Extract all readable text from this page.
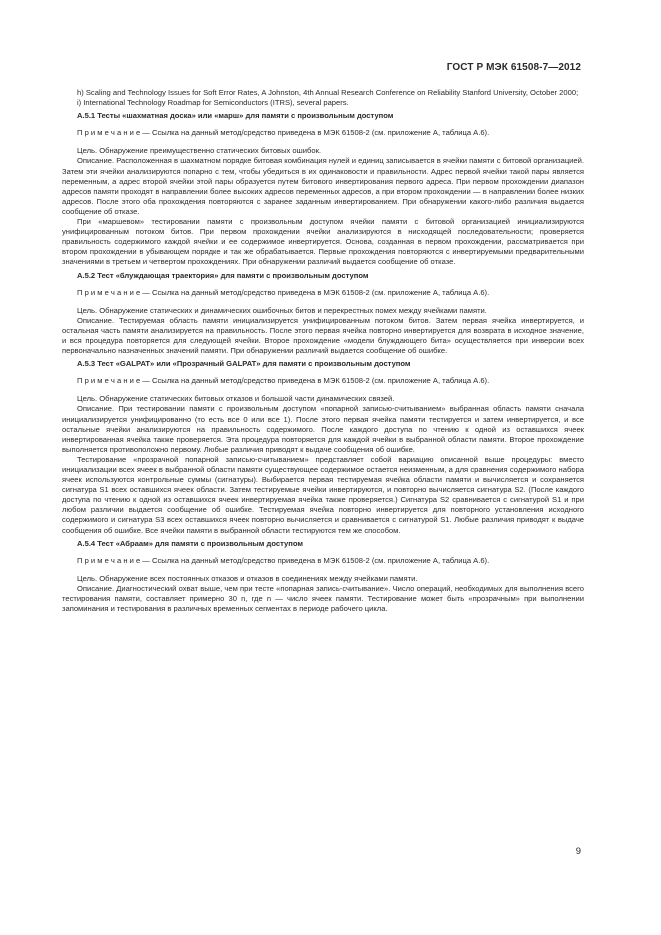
ГОСТ Р МЭК 61508-7—2012

h) Scaling and Technology Issues for Soft Error Rates, A Johnston, 4th Annual Research Conference on Reliability Stanford University, October 2000;

i) International Technology Roadmap for Semiconductors (ITRS), several papers.

А.5.1 Тесты «шахматная доска» или «марш» для памяти с произвольным доступом

П р и м е ч а н и е — Ссылка на данный метод/средство приведена в МЭК 61508-2 (см. приложение А, таблица А.6).

Цель. Обнаружение преимущественно статических битовых ошибок.

Описание. Расположенная в шахматном порядке битовая комбинация нулей и единиц записывается в ячейки памяти с битовой организацией. Затем эти ячейки анализируются попарно с тем, чтобы убедиться в их одинаковости и правильности. Адрес первой ячейки такой пары является переменным, а адрес второй ячейки этой пары образуется путем битового инвертирования первого адреса. При первом прохождении диапазон адресов памяти проходят в направлении более высоких адресов переменных адресов, а при втором прохождении — в направлении более низких адресов. После этого оба прохождения повторяются с заранее заданным инвертированием. При обнаружении какого-либо различия выдается сообщение об отказе.

При «маршевом» тестировании памяти с произвольным доступом ячейки памяти с битовой организацией инициализируются унифицированным потоком битов. При первом прохождении ячейки анализируются в нисходящей последовательности; проверяется правильность содержимого каждой ячейки и ее содержимое инвертируется. Основа, созданная в первом прохождении, рассматривается при втором прохождении в убывающем порядке и так же обрабатывается. Первые прохождения повторяются с инвертируемыми предварительными значениями в третьем и четвертом прохождениях. При обнаружении различий выдается сообщение об отказе.

А.5.2 Тест «блуждающая траектория» для памяти с произвольным доступом

П р и м е ч а н и е — Ссылка на данный метод/средство приведена в МЭК 61508-2 (см. приложение А, таблица А.6).

Цель. Обнаружение статических и динамических ошибочных битов и перекрестных помех между ячейками памяти.

Описание. Тестируемая область памяти инициализируется унифицированным потоком битов. Затем первая ячейка инвертируется, и остальная часть памяти анализируется на правильность. После этого первая ячейка повторно инвертируется для возврата в исходное значение, и вся процедура повторяется для следующей ячейки. Второе прохождение «модели блуждающего бита» осуществляется при инверсии всех первоначально назначенных значений памяти. При обнаружении различий выдается сообщение об ошибке.

А.5.3 Тест «GALPAT» или «Прозрачный GALPAT» для памяти с произвольным доступом

П р и м е ч а н и е — Ссылка на данный метод/средство приведена в МЭК 61508-2 (см. приложение А, таблица А.6).

Цель. Обнаружение статических битовых отказов и большой части динамических связей.

Описание. При тестировании памяти с произвольным доступом «попарной записью-считыванием» выбранная область памяти сначала инициализируется унифицированно (то есть все 0 или все 1). После этого первая ячейка памяти тестируется и затем инвертируется, и все остальные ячейки анализируются на правильность содержимого. После каждого доступа по чтению к одной из оставшихся ячеек инвертированная ячейка также проверяется. Эта процедура повторяется для каждой ячейки в выбранной области памяти. Второе прохождение выполняется противоположно первому. Любые различия приводят к выдаче сообщения об ошибке.

Тестирование «прозрачной попарной записью-считыванием» представляет собой вариацию описанной выше процедуры: вместо инициализации всех ячеек в выбранной области памяти существующее содержимое остается неизменным, а для сравнения содержимого набора ячеек используются контрольные суммы (сигнатуры). Выбирается первая тестируемая ячейка области памяти и вычисляется и сохраняется сигнатура S1 всех оставшихся ячеек области. Затем тестируемые ячейки инвертируются, и повторно вычисляется сигнатура S2. (После каждого доступа по чтению к одной из оставшихся ячеек инвертируемая ячейка также проверяется.) Сигнатура S2 сравнивается с сигнатурой S1 и при любом различии выдается сообщение об ошибке. Тестируемая ячейка повторно инвертируется для повторного установления исходного содержимого и сигнатура S3 всех оставшихся ячеек повторно вычисляется и сравнивается с сигнатурой S1. Любые различия приводят к выдаче сообщения об ошибке. Все ячейки памяти в выбранной области тестируются тем же способом.

А.5.4 Тест «Абраам» для памяти с произвольным доступом

П р и м е ч а н и е — Ссылка на данный метод/средство приведена в МЭК 61508-2 (см. приложение А, таблица А.6).

Цель. Обнаружение всех постоянных отказов и отказов в соединениях между ячейками памяти.

Описание. Диагностический охват выше, чем при тесте «попарная запись-считывание». Число операций, необходимых для выполнения всего тестирования памяти, составляет примерно 30 n, где n — число ячеек памяти. Тестирование может быть «прозрачным» при выполнении запоминания и тестирования в различных временных сегментах в периоде рабочего цикла.

9
